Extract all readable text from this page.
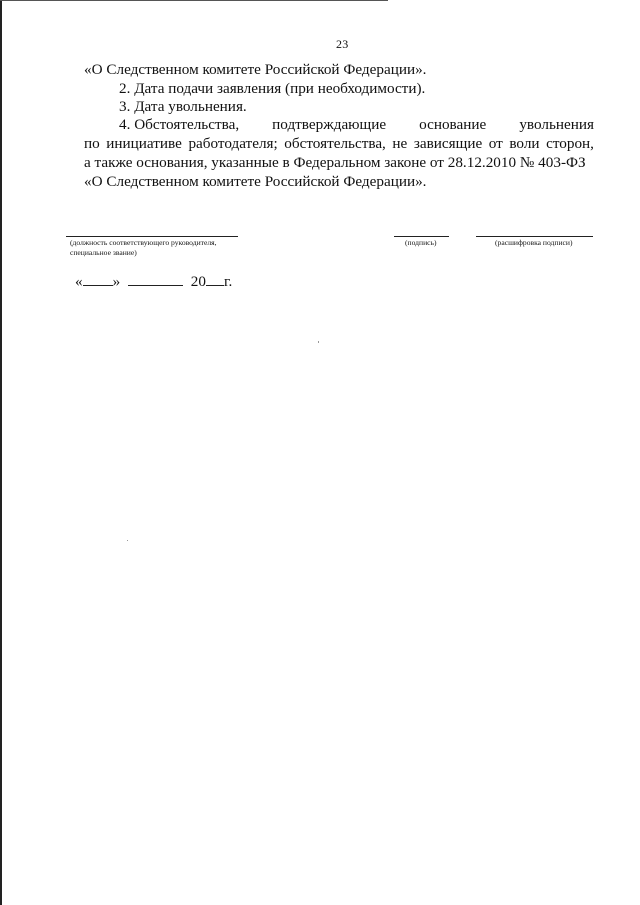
23
«О Следственном комитете Российской Федерации».
2. Дата подачи заявления (при необходимости).
3. Дата увольнения.
4. Обстоятельства, подтверждающие основание увольнения
по инициативе работодателя; обстоятельства, не зависящие от воли сторон,
а также основания, указанные в Федеральном законе от 28.12.2010 № 403-ФЗ
«О Следственном комитете Российской Федерации».
(должность соответствующего руководителя,
специальное звание)
(подпись)	(расшифровка подписи)
« »	20 г.
